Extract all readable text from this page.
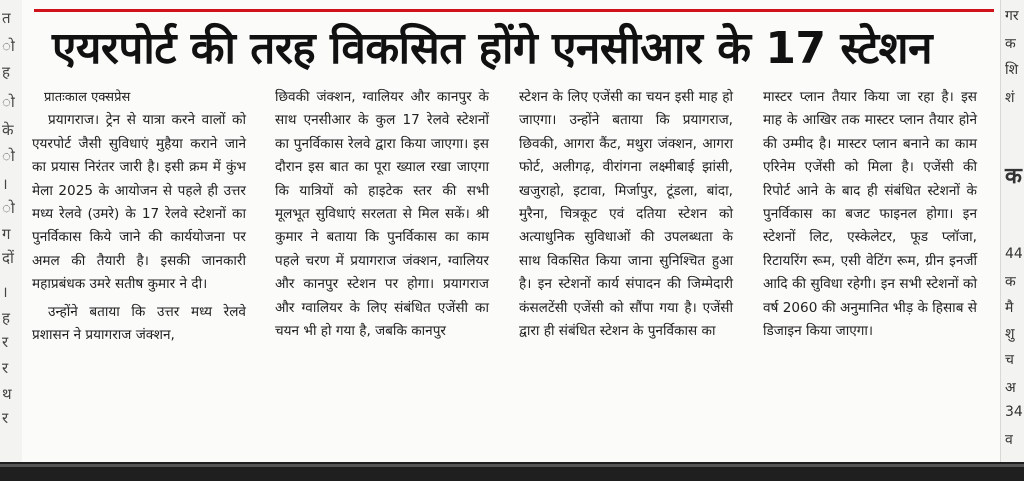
त
ो
ह
ो
के
ो
।
ो
ग
दों
।
ह
र
र
थ
र
एयरपोर्ट की तरह विकसित होंगे एनसीआर के 17 स्टेशन

प्रातःकाल एक्सप्रेस

प्रयागराज। ट्रेन से यात्रा करने वालों को एयरपोर्ट जैसी सुविधाएं मुहैया कराने जाने का प्रयास निरंतर जारी है। इसी क्रम में कुंभ मेला 2025 के आयोजन से पहले ही उत्तर मध्य रेलवे (उमरे) के 17 रेलवे स्टेशनों का पुनर्विकास किये जाने की कार्ययोजना पर अमल की तैयारी है। इसकी जानकारी महाप्रबंधक उमरे सतीष कुमार ने दी।

उन्होंने बताया कि उत्तर मध्य रेलवे प्रशासन ने प्रयागराज जंक्शन,

छिवकी जंक्शन, ग्वालियर और कानपुर के साथ एनसीआर के कुल 17 रेलवे स्टेशनों का पुनर्विकास रेलवे द्वारा किया जाएगा। इस दौरान इस बात का पूरा ख्याल रखा जाएगा कि यात्रियों को हाइटेक स्तर की सभी मूलभूत सुविधाएं सरलता से मिल सकें। श्री कुमार ने बताया कि पुनर्विकास का काम पहले चरण में प्रयागराज जंक्शन, ग्वालियर और कानपुर स्टेशन पर होगा। प्रयागराज और ग्वालियर के लिए संबंधित एजेंसी का चयन भी हो गया है, जबकि कानपुर

स्टेशन के लिए एजेंसी का चयन इसी माह हो जाएगा। उन्होंने बताया कि प्रयागराज, छिवकी, आगरा कैंट, मथुरा जंक्शन, आगरा फोर्ट, अलीगढ़, वीरांगना लक्ष्मीबाई झांसी, खजुराहो, इटावा, मिर्जापुर, टूंडला, बांदा, मुरैना, चित्रकूट एवं दतिया स्टेशन को अत्याधुनिक सुविधाओं की उपलब्धता के साथ विकसित किया जाना सुनिश्चित हुआ है। इन स्टेशनों कार्य संपादन की जिम्मेदारी कंसलटेंसी एजेंसी को सौंपा गया है। एजेंसी द्वारा ही संबंधित स्टेशन के पुनर्विकास का

मास्टर प्लान तैयार किया जा रहा है। इस माह के आखिर तक मास्टर प्लान तैयार होने की उम्मीद है। मास्टर प्लान बनाने का काम एरिनेम एजेंसी को मिला है। एजेंसी की रिपोर्ट आने के बाद ही संबंधित स्टेशनों के पुनर्विकास का बजट फाइनल होगा। इन स्टेशनों लिट, एस्केलेटर, फूड प्लॉजा, रिटायरिंग रूम, एसी वेटिंग रूम, ग्रीन इनर्जी आदि की सुविधा रहेगी। इन सभी स्टेशनों को वर्ष 2060 की अनुमानित भीड़ के हिसाब से डिजाइन किया जाएगा।

गर
क
शि
शं
क
44
क
मै
शु
च
अ
34
व
